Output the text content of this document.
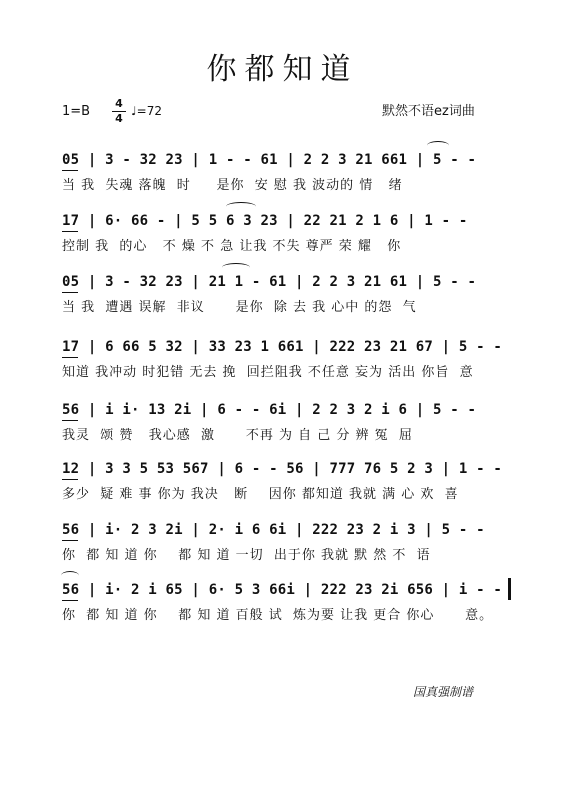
你都知道
1=B
4
4
♩=72	默然不语ez词曲
05 | 3 - 32 23 | 1 - - 61 | 2 2 3 21 661 | 5 - -
当 我  失魂 落魄  时     是你  安 慰 我 波动的 情   绪
17 | 6· 66 - | 5 5 6 3 23 | 22 21 2 1 6 | 1 - -
控制 我  的心   不 燥 不 急 让我 不失 尊严 荣 耀   你
05 | 3 - 32 23 | 21 1 - 61 | 2 2 3 21 61 | 5 - -
当 我  遭遇 误解  非议      是你  除 去 我 心中 的怨  气
17 | 6 66 5 32 | 33 23 1 661 | 222 23 21 67 | 5 - -
知道 我冲动 时犯错 无去 挽  回拦阻我 不任意 妄为 活出 你旨  意
56 | i i· 13 2i | 6 - - 6i | 2 2 3 2 i 6 | 5 - -
我灵  颂 赞   我心感  激      不再 为 自 己 分 辨 冤  屈
12 | 3 3 5 53 567 | 6 - - 56 | 777 76 5 2 3 | 1 - -
多少  疑 难 事 你为 我决   断    因你 都知道 我就 满 心 欢  喜
56 | i· 2 3 2i | 2· i 6 6i | 222 23 2 i 3 | 5 - -
你  都 知 道 你    都 知 道 一切  出于你 我就 默 然 不  语
56 | i· 2 i 65 | 6· 5 3 66i | 222 23 2i 656 | i - -
你  都 知 道 你    都 知 道 百般 试  炼为要 让我 更合 你心      意。
国真强制谱
